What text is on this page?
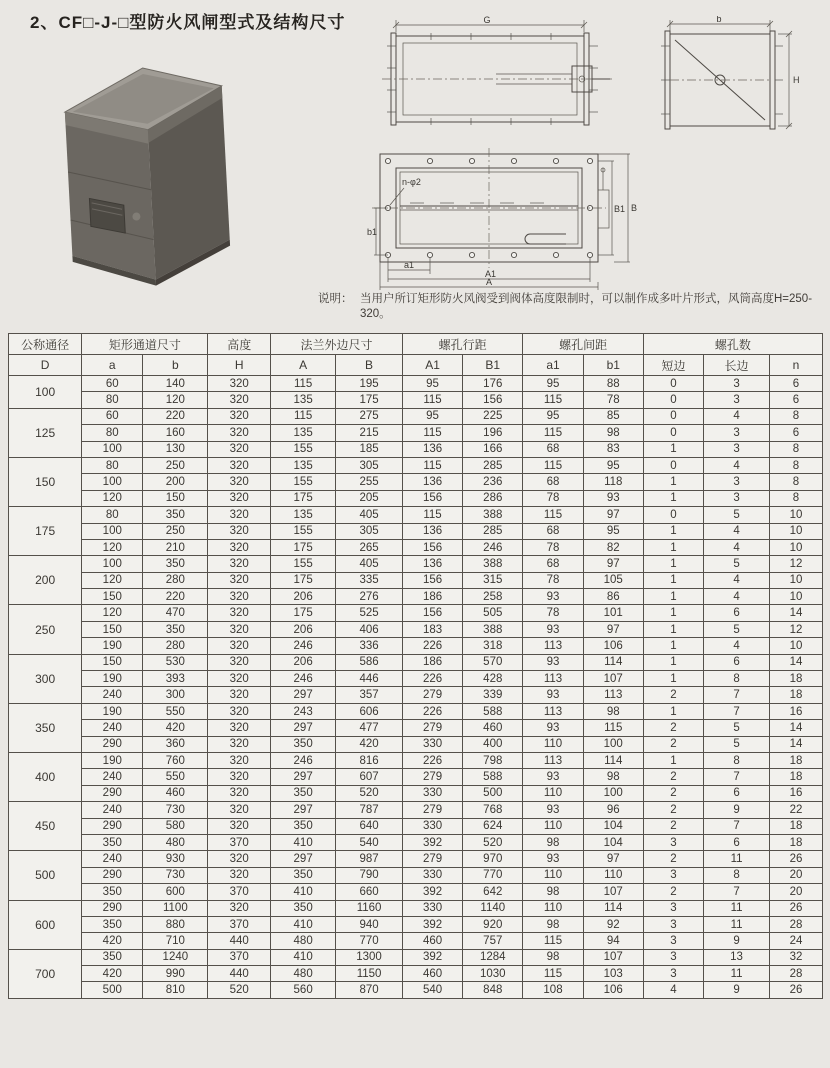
2、CF□-J-□型防火风闸型式及结构尺寸	G	b
H
n-φ2
b1
a1
A1
A
B1 B
说明： 当用户所订矩形防火风阀受到阀体高度限制时，可以制作成多叶片形式，风筒高度H=250-320。
公称通径	矩形通道尺寸		高度	法兰外边尺寸		螺孔行距		螺孔间距		螺孔数		
D	a	b	H	A	B	A1	B1	a1	b1	短边	长边	n
100	60	140	320	115	195	95	176	95	88	0	3	6
	80	120	320	135	175	115	156	115	78	0	3	6
125	60	220	320	115	275	95	225	95	85	0	4	8
	80	160	320	135	215	115	196	115	98	0	3	6
	100	130	320	155	185	136	166	68	83	1	3	8
150	80	250	320	135	305	115	285	115	95	0	4	8
	100	200	320	155	255	136	236	68	118	1	3	8
	120	150	320	175	205	156	286	78	93	1	3	8
175	80	350	320	135	405	115	388	115	97	0	5	10
	100	250	320	155	305	136	285	68	95	1	4	10
	120	210	320	175	265	156	246	78	82	1	4	10
200	100	350	320	155	405	136	388	68	97	1	5	12
	120	280	320	175	335	156	315	78	105	1	4	10
	150	220	320	206	276	186	258	93	86	1	4	10
250	120	470	320	175	525	156	505	78	101	1	6	14
	150	350	320	206	406	183	388	93	97	1	5	12
	190	280	320	246	336	226	318	113	106	1	4	10
300	150	530	320	206	586	186	570	93	114	1	6	14
	190	393	320	246	446	226	428	113	107	1	8	18
	240	300	320	297	357	279	339	93	113	2	7	18
350	190	550	320	243	606	226	588	113	98	1	7	16
	240	420	320	297	477	279	460	93	115	2	5	14
	290	360	320	350	420	330	400	110	100	2	5	14
400	190	760	320	246	816	226	798	113	114	1	8	18
	240	550	320	297	607	279	588	93	98	2	7	18
	290	460	320	350	520	330	500	110	100	2	6	16
450	240	730	320	297	787	279	768	93	96	2	9	22
	290	580	320	350	640	330	624	110	104	2	7	18
	350	480	370	410	540	392	520	98	104	3	6	18
500	240	930	320	297	987	279	970	93	97	2	11	26
	290	730	320	350	790	330	770	110	110	3	8	20
	350	600	370	410	660	392	642	98	107	2	7	20
600	290	1100	320	350	1160	330	1140	110	114	3	11	26
	350	880	370	410	940	392	920	98	92	3	11	28
	420	710	440	480	770	460	757	115	94	3	9	24
700	350	1240	370	410	1300	392	1284	98	107	3	13	32
	420	990	440	480	1150	460	1030	115	103	3	11	28
	500	810	520	560	870	540	848	108	106	4	9	26
